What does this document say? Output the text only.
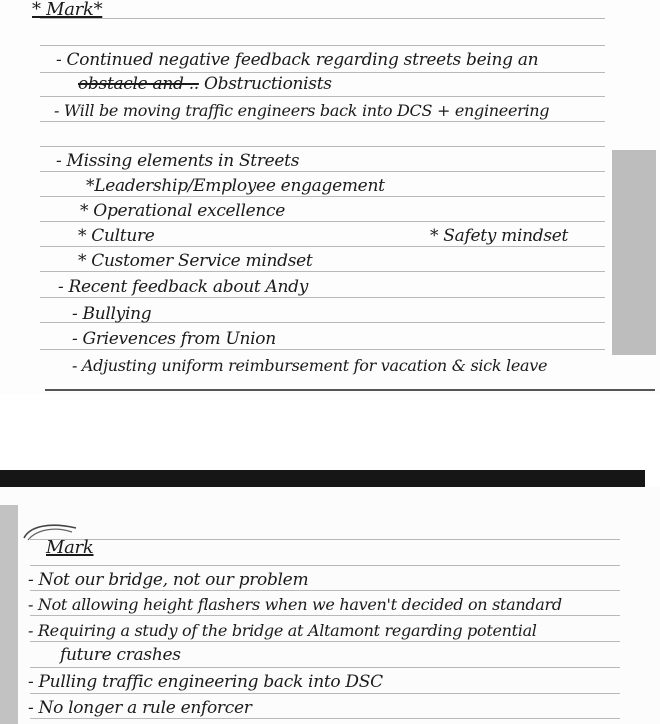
* Mark*
- Continued negative feedback regarding streets being an
obstacle and .. Obstructionists
- Will be moving traffic engineers back into DCS + engineering
- Missing elements in Streets
*Leadership/Employee engagement
* Operational excellence
* Culture	* Safety mindset
* Customer Service mindset
- Recent feedback about Andy
- Bullying
- Grievences from Union
- Adjusting uniform reimbursement for vacation & sick leave
Mark
- Not our bridge, not our problem
- Not allowing height flashers when we haven't decided on standard
- Requiring a study of the bridge at Altamont regarding potential
future crashes
- Pulling traffic engineering back into DSC
- No longer a rule enforcer
